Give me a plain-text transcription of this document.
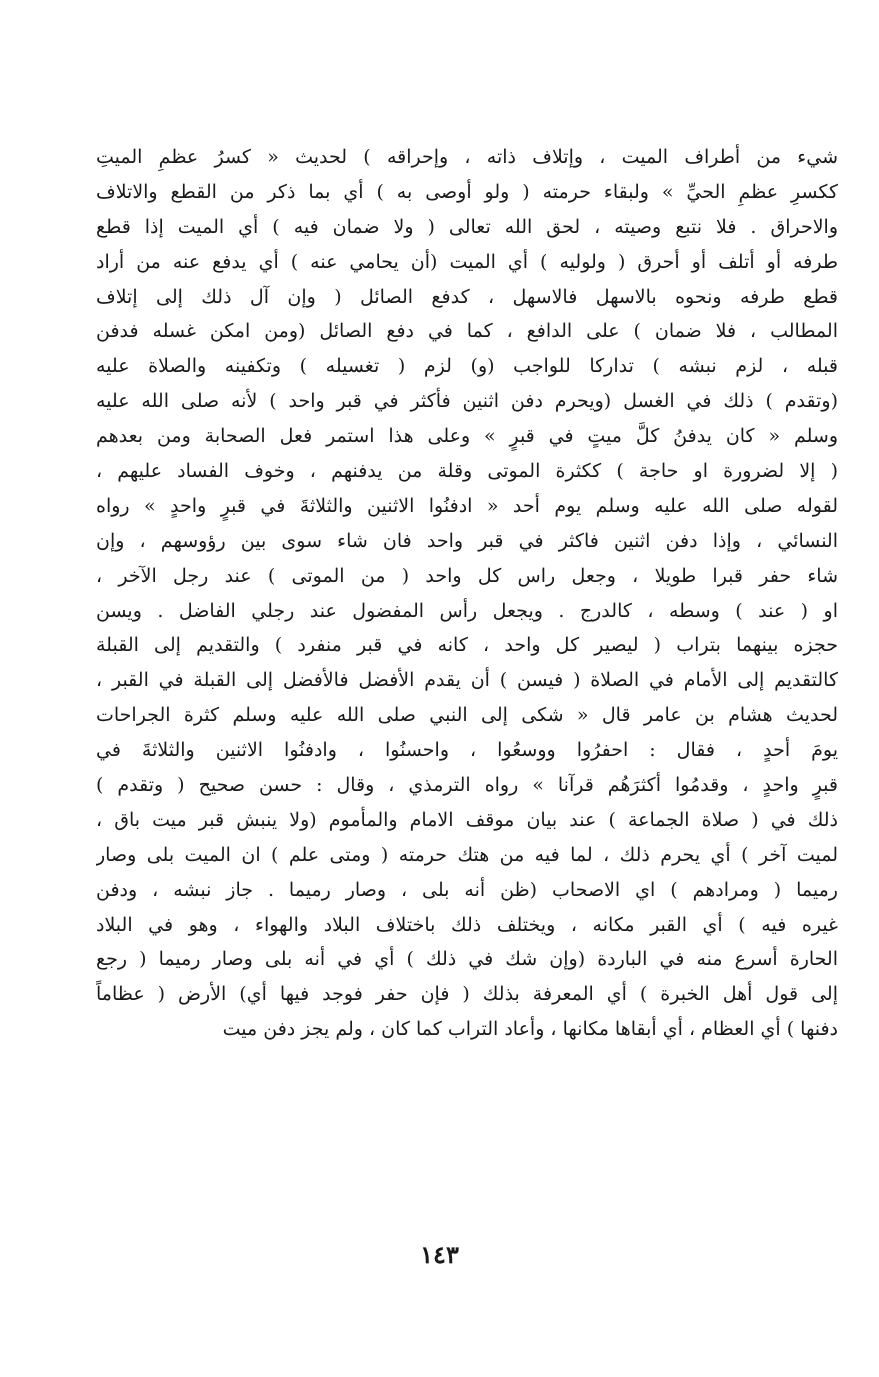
شيء من أطراف الميت ، وإتلاف ذاته ، وإحراقه ) لحديث « كسرُ عظمِ الميتِ
ككسرِ عظمِ الحيِّ » ولبقاء حرمته ( ولو أوصى به ) أي بما ذكر من القطع والاتلاف
والاحراق . فلا نتبع وصيته ، لحق الله تعالى ( ولا ضمان فيه ) أي الميت إذا قطع
طرفه أو أتلف أو أحرق ( ولوليه ) أي الميت (أن يحامي عنه ) أي يدفع عنه من أراد
قطع طرفه ونحوه بالاسهل فالاسهل ، كدفع الصائل ( وإن آل ذلك إلى إتلاف
المطالب ، فلا ضمان ) على الدافع ، كما في دفع الصائل (ومن امكن غسله فدفن
قبله ، لزم نبشه ) تداركا للواجب (و) لزم ( تغسيله ) وتكفينه والصلاة عليه
(وتقدم ) ذلك في الغسل (ويحرم دفن اثنين فأكثر في قبر واحد ) لأنه صلى الله عليه
وسلم « كان يدفنُ كلَّ ميتٍ في قبرٍ » وعلى هذا استمر فعل الصحابة ومن بعدهم
( إلا لضرورة او حاجة ) ككثرة الموتى وقلة من يدفنهم ، وخوف الفساد عليهم ،
لقوله صلى الله عليه وسلم يوم أحد « ادفنُوا الاثنين والثلاثةَ في قبرٍ واحدٍ » رواه
النسائي ، وإذا دفن اثنين فاكثر في قبر واحد فان شاء سوى بين رؤوسهم ، وإن
شاء حفر قبرا طويلا ، وجعل راس كل واحد ( من الموتى ) عند رجل الآخر ،
او ( عند ) وسطه ، كالدرج . ويجعل رأس المفضول عند رجلي الفاضل . ويسن
حجزه بينهما بتراب ( ليصير كل واحد ، كانه في قبر منفرد ) والتقديم إلى القبلة
كالتقديم إلى الأمام في الصلاة ( فيسن ) أن يقدم الأفضل فالأفضل إلى القبلة في القبر ،
لحديث هشام بن عامر قال « شكى إلى النبي صلى الله عليه وسلم كثرة الجراحات
يومَ أحدٍ ، فقال : احفرُوا ووسعُوا ، واحسنُوا ، وادفنُوا الاثنين والثلاثةَ في
قبرٍ واحدٍ ، وقدمُوا أكثرَهُم قرآنا » رواه الترمذي ، وقال : حسن صحيح ( وتقدم )
ذلك في ( صلاة الجماعة ) عند بيان موقف الامام والمأموم (ولا ينبش قبر ميت باق ،
لميت آخر ) أي يحرم ذلك ، لما فيه من هتك حرمته ( ومتى علم ) ان الميت بلى وصار
رميما ( ومرادهم ) اي الاصحاب (ظن أنه بلى ، وصار رميما . جاز نبشه ، ودفن
غيره فيه ) أي القبر مكانه ، ويختلف ذلك باختلاف البلاد والهواء ، وهو في البلاد
الحارة أسرع منه في الباردة (وإن شك في ذلك ) أي في أنه بلى وصار رميما ( رجع
إلى قول أهل الخبرة ) أي المعرفة بذلك ( فإن حفر فوجد فيها أي) الأرض ( عظاماً
دفنها ) أي العظام ، أي أبقاها مكانها ، وأعاد التراب كما كان ، ولم يجز دفن ميت
١٤٣
